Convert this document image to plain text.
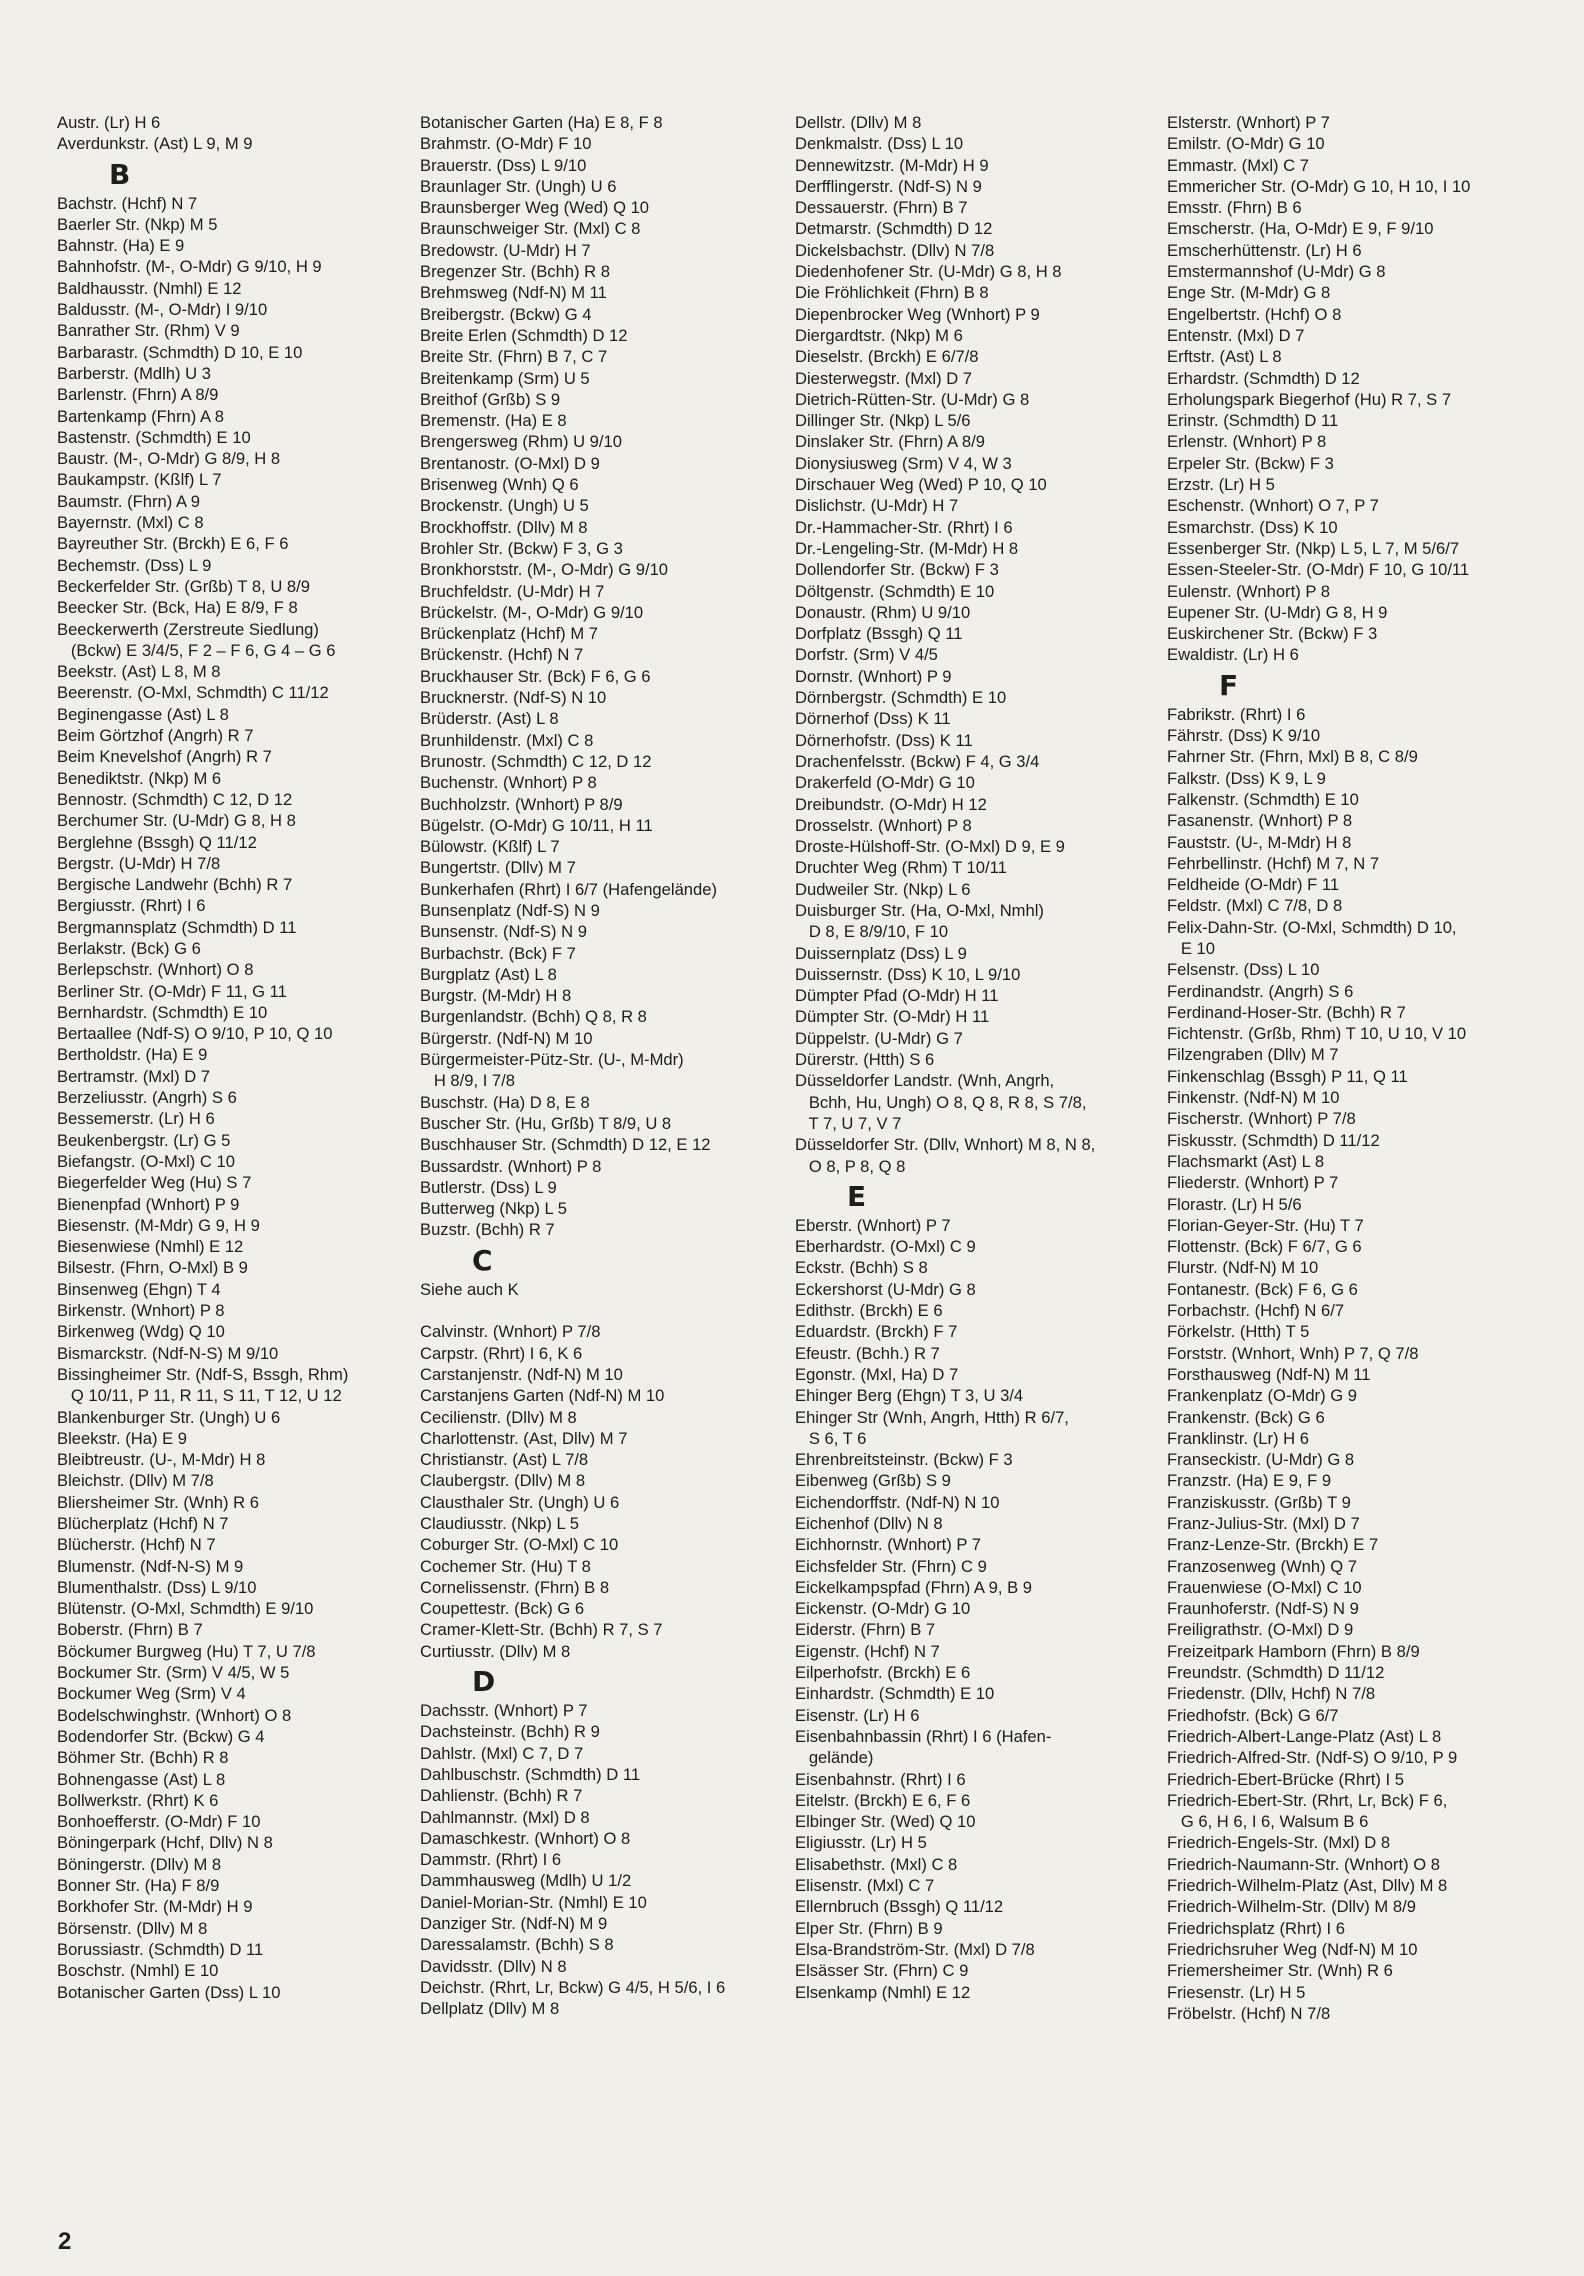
Austr. (Lr) H 6
Averdunkstr. (Ast) L 9, M 9
B
Bachstr. (Hchf) N 7
Baerler Str. (Nkp) M 5
Bahnstr. (Ha) E 9
Bahnhofstr. (M-, O-Mdr) G 9/10, H 9
Baldhausstr. (Nmhl) E 12
Baldusstr. (M-, O-Mdr) I 9/10
Banrather Str. (Rhm) V 9
Barbarastr. (Schmdth) D 10, E 10
Barberstr. (Mdlh) U 3
Barlenstr. (Fhrn) A 8/9
Bartenkamp (Fhrn) A 8
Bastenstr. (Schmdth) E 10
Baustr. (M-, O-Mdr) G 8/9, H 8
Baukampstr. (Kßlf) L 7
Baumstr. (Fhrn) A 9
Bayernstr. (Mxl) C 8
Bayreuther Str. (Brckh) E 6, F 6
Bechemstr. (Dss) L 9
Beckerfelder Str. (Grßb) T 8, U 8/9
Beecker Str. (Bck, Ha) E 8/9, F 8
Beeckerwerth (Zerstreute Siedlung)
(Bckw) E 3/4/5, F 2 – F 6, G 4 – G 6
Beekstr. (Ast) L 8, M 8
Beerenstr. (O-Mxl, Schmdth) C 11/12
Beginengasse (Ast) L 8
Beim Görtzhof (Angrh) R 7
Beim Knevelshof (Angrh) R 7
Benediktstr. (Nkp) M 6
Bennostr. (Schmdth) C 12, D 12
Berchumer Str. (U-Mdr) G 8, H 8
Berglehne (Bssgh) Q 11/12
Bergstr. (U-Mdr) H 7/8
Bergische Landwehr (Bchh) R 7
Bergiusstr. (Rhrt) I 6
Bergmannsplatz (Schmdth) D 11
Berlakstr. (Bck) G 6
Berlepschstr. (Wnhort) O 8
Berliner Str. (O-Mdr) F 11, G 11
Bernhardstr. (Schmdth) E 10
Bertaallee (Ndf-S) O 9/10, P 10, Q 10
Bertholdstr. (Ha) E 9
Bertramstr. (Mxl) D 7
Berzeliusstr. (Angrh) S 6
Bessemerstr. (Lr) H 6
Beukenbergstr. (Lr) G 5
Biefangstr. (O-Mxl) C 10
Biegerfelder Weg (Hu) S 7
Bienenpfad (Wnhort) P 9
Biesenstr. (M-Mdr) G 9, H 9
Biesenwiese (Nmhl) E 12
Bilsestr. (Fhrn, O-Mxl) B 9
Binsenweg (Ehgn) T 4
Birkenstr. (Wnhort) P 8
Birkenweg (Wdg) Q 10
Bismarckstr. (Ndf-N-S) M 9/10
Bissingheimer Str. (Ndf-S, Bssgh, Rhm)
Q 10/11, P 11, R 11, S 11, T 12, U 12
Blankenburger Str. (Ungh) U 6
Bleekstr. (Ha) E 9
Bleibtreustr. (U-, M-Mdr) H 8
Bleichstr. (Dllv) M 7/8
Bliersheimer Str. (Wnh) R 6
Blücherplatz (Hchf) N 7
Blücherstr. (Hchf) N 7
Blumenstr. (Ndf-N-S) M 9
Blumenthalstr. (Dss) L 9/10
Blütenstr. (O-Mxl, Schmdth) E 9/10
Boberstr. (Fhrn) B 7
Böckumer Burgweg (Hu) T 7, U 7/8
Bockumer Str. (Srm) V 4/5, W 5
Bockumer Weg (Srm) V 4
Bodelschwinghstr. (Wnhort) O 8
Bodendorfer Str. (Bckw) G 4
Böhmer Str. (Bchh) R 8
Bohnengasse (Ast) L 8
Bollwerkstr. (Rhrt) K 6
Bonhoefferstr. (O-Mdr) F 10
Böningerpark (Hchf, Dllv) N 8
Böningerstr. (Dllv) M 8
Bonner Str. (Ha) F 8/9
Borkhofer Str. (M-Mdr) H 9
Börsenstr. (Dllv) M 8
Borussiastr. (Schmdth) D 11
Boschstr. (Nmhl) E 10
Botanischer Garten (Dss) L 10
Botanischer Garten (Ha) E 8, F 8
Brahmstr. (O-Mdr) F 10
Brauerstr. (Dss) L 9/10
Braunlager Str. (Ungh) U 6
Braunsberger Weg (Wed) Q 10
Braunschweiger Str. (Mxl) C 8
Bredowstr. (U-Mdr) H 7
Bregenzer Str. (Bchh) R 8
Brehmsweg (Ndf-N) M 11
Breibergstr. (Bckw) G 4
Breite Erlen (Schmdth) D 12
Breite Str. (Fhrn) B 7, C 7
Breitenkamp (Srm) U 5
Breithof (Grßb) S 9
Bremenstr. (Ha) E 8
Brengersweg (Rhm) U 9/10
Brentanostr. (O-Mxl) D 9
Brisenweg (Wnh) Q 6
Brockenstr. (Ungh) U 5
Brockhoffstr. (Dllv) M 8
Brohler Str. (Bckw) F 3, G 3
Bronkhorststr. (M-, O-Mdr) G 9/10
Bruchfeldstr. (U-Mdr) H 7
Brückelstr. (M-, O-Mdr) G 9/10
Brückenplatz (Hchf) M 7
Brückenstr. (Hchf) N 7
Bruckhauser Str. (Bck) F 6, G 6
Brucknerstr. (Ndf-S) N 10
Brüderstr. (Ast) L 8
Brunhildenstr. (Mxl) C 8
Brunostr. (Schmdth) C 12, D 12
Buchenstr. (Wnhort) P 8
Buchholzstr. (Wnhort) P 8/9
Bügelstr. (O-Mdr) G 10/11, H 11
Bülowstr. (Kßlf) L 7
Bungertstr. (Dllv) M 7
Bunkerhafen (Rhrt) I 6/7 (Hafengelände)
Bunsenplatz (Ndf-S) N 9
Bunsenstr. (Ndf-S) N 9
Burbachstr. (Bck) F 7
Burgplatz (Ast) L 8
Burgstr. (M-Mdr) H 8
Burgenlandstr. (Bchh) Q 8, R 8
Bürgerstr. (Ndf-N) M 10
Bürgermeister-Pütz-Str. (U-, M-Mdr)
H 8/9, I 7/8
Buschstr. (Ha) D 8, E 8
Buscher Str. (Hu, Grßb) T 8/9, U 8
Buschhauser Str. (Schmdth) D 12, E 12
Bussardstr. (Wnhort) P 8
Butlerstr. (Dss) L 9
Butterweg (Nkp) L 5
Buzstr. (Bchh) R 7
C
Siehe auch K

Calvinstr. (Wnhort) P 7/8
Carpstr. (Rhrt) I 6, K 6
Carstanjenstr. (Ndf-N) M 10
Carstanjens Garten (Ndf-N) M 10
Cecilienstr. (Dllv) M 8
Charlottenstr. (Ast, Dllv) M 7
Christianstr. (Ast) L 7/8
Claubergstr. (Dllv) M 8
Clausthaler Str. (Ungh) U 6
Claudiusstr. (Nkp) L 5
Coburger Str. (O-Mxl) C 10
Cochemer Str. (Hu) T 8
Cornelissenstr. (Fhrn) B 8
Coupettestr. (Bck) G 6
Cramer-Klett-Str. (Bchh) R 7, S 7
Curtiusstr. (Dllv) M 8
D
Dachsstr. (Wnhort) P 7
Dachsteinstr. (Bchh) R 9
Dahlstr. (Mxl) C 7, D 7
Dahlbuschstr. (Schmdth) D 11
Dahlienstr. (Bchh) R 7
Dahlmannstr. (Mxl) D 8
Damaschkestr. (Wnhort) O 8
Dammstr. (Rhrt) I 6
Dammhausweg (Mdlh) U 1/2
Daniel-Morian-Str. (Nmhl) E 10
Danziger Str. (Ndf-N) M 9
Daressalamstr. (Bchh) S 8
Davidsstr. (Dllv) N 8
Deichstr. (Rhrt, Lr, Bckw) G 4/5, H 5/6, I 6
Dellplatz (Dllv) M 8
Dellstr. (Dllv) M 8
Denkmalstr. (Dss) L 10
Dennewitzstr. (M-Mdr) H 9
Derfflingerstr. (Ndf-S) N 9
Dessauerstr. (Fhrn) B 7
Detmarstr. (Schmdth) D 12
Dickelsbachstr. (Dllv) N 7/8
Diedenhofener Str. (U-Mdr) G 8, H 8
Die Fröhlichkeit (Fhrn) B 8
Diepenbrocker Weg (Wnhort) P 9
Diergardtstr. (Nkp) M 6
Dieselstr. (Brckh) E 6/7/8
Diesterwegstr. (Mxl) D 7
Dietrich-Rütten-Str. (U-Mdr) G 8
Dillinger Str. (Nkp) L 5/6
Dinslaker Str. (Fhrn) A 8/9
Dionysiusweg (Srm) V 4, W 3
Dirschauer Weg (Wed) P 10, Q 10
Dislichstr. (U-Mdr) H 7
Dr.-Hammacher-Str. (Rhrt) I 6
Dr.-Lengeling-Str. (M-Mdr) H 8
Dollendorfer Str. (Bckw) F 3
Döltgenstr. (Schmdth) E 10
Donaustr. (Rhm) U 9/10
Dorfplatz (Bssgh) Q 11
Dorfstr. (Srm) V 4/5
Dornstr. (Wnhort) P 9
Dörnbergstr. (Schmdth) E 10
Dörnerhof (Dss) K 11
Dörnerhofstr. (Dss) K 11
Drachenfelsstr. (Bckw) F 4, G 3/4
Drakerfeld (O-Mdr) G 10
Dreibundstr. (O-Mdr) H 12
Drosselstr. (Wnhort) P 8
Droste-Hülshoff-Str. (O-Mxl) D 9, E 9
Druchter Weg (Rhm) T 10/11
Dudweiler Str. (Nkp) L 6
Duisburger Str. (Ha, O-Mxl, Nmhl)
D 8, E 8/9/10, F 10
Duissernplatz (Dss) L 9
Duissernstr. (Dss) K 10, L 9/10
Dümpter Pfad (O-Mdr) H 11
Dümpter Str. (O-Mdr) H 11
Düppelstr. (U-Mdr) G 7
Dürerstr. (Htth) S 6
Düsseldorfer Landstr. (Wnh, Angrh,
Bchh, Hu, Ungh) O 8, Q 8, R 8, S 7/8,
T 7, U 7, V 7
Düsseldorfer Str. (Dllv, Wnhort) M 8, N 8,
O 8, P 8, Q 8
E
Eberstr. (Wnhort) P 7
Eberhardstr. (O-Mxl) C 9
Eckstr. (Bchh) S 8
Eckershorst (U-Mdr) G 8
Edithstr. (Brckh) E 6
Eduardstr. (Brckh) F 7
Efeustr. (Bchh.) R 7
Egonstr. (Mxl, Ha) D 7
Ehinger Berg (Ehgn) T 3, U 3/4
Ehinger Str (Wnh, Angrh, Htth) R 6/7,
S 6, T 6
Ehrenbreitsteinstr. (Bckw) F 3
Eibenweg (Grßb) S 9
Eichendorffstr. (Ndf-N) N 10
Eichenhof (Dllv) N 8
Eichhornstr. (Wnhort) P 7
Eichsfelder Str. (Fhrn) C 9
Eickelkampspfad (Fhrn) A 9, B 9
Eickenstr. (O-Mdr) G 10
Eiderstr. (Fhrn) B 7
Eigenstr. (Hchf) N 7
Eilperhofstr. (Brckh) E 6
Einhardstr. (Schmdth) E 10
Eisenstr. (Lr) H 6
Eisenbahnbassin (Rhrt) I 6 (Hafen-
gelände)
Eisenbahnstr. (Rhrt) I 6
Eitelstr. (Brckh) E 6, F 6
Elbinger Str. (Wed) Q 10
Eligiusstr. (Lr) H 5
Elisabethstr. (Mxl) C 8
Elisenstr. (Mxl) C 7
Ellernbruch (Bssgh) Q 11/12
Elper Str. (Fhrn) B 9
Elsa-Brandström-Str. (Mxl) D 7/8
Elsässer Str. (Fhrn) C 9
Elsenkamp (Nmhl) E 12
Elsterstr. (Wnhort) P 7
Emilstr. (O-Mdr) G 10
Emmastr. (Mxl) C 7
Emmericher Str. (O-Mdr) G 10, H 10, I 10
Emsstr. (Fhrn) B 6
Emscherstr. (Ha, O-Mdr) E 9, F 9/10
Emscherhüttenstr. (Lr) H 6
Emstermannshof (U-Mdr) G 8
Enge Str. (M-Mdr) G 8
Engelbertstr. (Hchf) O 8
Entenstr. (Mxl) D 7
Erftstr. (Ast) L 8
Erhardstr. (Schmdth) D 12
Erholungspark Biegerhof (Hu) R 7, S 7
Erinstr. (Schmdth) D 11
Erlenstr. (Wnhort) P 8
Erpeler Str. (Bckw) F 3
Erzstr. (Lr) H 5
Eschenstr. (Wnhort) O 7, P 7
Esmarchstr. (Dss) K 10
Essenberger Str. (Nkp) L 5, L 7, M 5/6/7
Essen-Steeler-Str. (O-Mdr) F 10, G 10/11
Eulenstr. (Wnhort) P 8
Eupener Str. (U-Mdr) G 8, H 9
Euskirchener Str. (Bckw) F 3
Ewaldistr. (Lr) H 6
F
Fabrikstr. (Rhrt) I 6
Fährstr. (Dss) K 9/10
Fahrner Str. (Fhrn, Mxl) B 8, C 8/9
Falkstr. (Dss) K 9, L 9
Falkenstr. (Schmdth) E 10
Fasanenstr. (Wnhort) P 8
Fauststr. (U-, M-Mdr) H 8
Fehrbellinstr. (Hchf) M 7, N 7
Feldheide (O-Mdr) F 11
Feldstr. (Mxl) C 7/8, D 8
Felix-Dahn-Str. (O-Mxl, Schmdth) D 10,
E 10
Felsenstr. (Dss) L 10
Ferdinandstr. (Angrh) S 6
Ferdinand-Hoser-Str. (Bchh) R 7
Fichtenstr. (Grßb, Rhm) T 10, U 10, V 10
Filzengraben (Dllv) M 7
Finkenschlag (Bssgh) P 11, Q 11
Finkenstr. (Ndf-N) M 10
Fischerstr. (Wnhort) P 7/8
Fiskusstr. (Schmdth) D 11/12
Flachsmarkt (Ast) L 8
Fliederstr. (Wnhort) P 7
Florastr. (Lr) H 5/6
Florian-Geyer-Str. (Hu) T 7
Flottenstr. (Bck) F 6/7, G 6
Flurstr. (Ndf-N) M 10
Fontanestr. (Bck) F 6, G 6
Forbachstr. (Hchf) N 6/7
Förkelstr. (Htth) T 5
Forststr. (Wnhort, Wnh) P 7, Q 7/8
Forsthausweg (Ndf-N) M 11
Frankenplatz (O-Mdr) G 9
Frankenstr. (Bck) G 6
Franklinstr. (Lr) H 6
Franseckistr. (U-Mdr) G 8
Franzstr. (Ha) E 9, F 9
Franziskusstr. (Grßb) T 9
Franz-Julius-Str. (Mxl) D 7
Franz-Lenze-Str. (Brckh) E 7
Franzosenweg (Wnh) Q 7
Frauenwiese (O-Mxl) C 10
Fraunhoferstr. (Ndf-S) N 9
Freiligrathstr. (O-Mxl) D 9
Freizeitpark Hamborn (Fhrn) B 8/9
Freundstr. (Schmdth) D 11/12
Friedenstr. (Dllv, Hchf) N 7/8
Friedhofstr. (Bck) G 6/7
Friedrich-Albert-Lange-Platz (Ast) L 8
Friedrich-Alfred-Str. (Ndf-S) O 9/10, P 9
Friedrich-Ebert-Brücke (Rhrt) I 5
Friedrich-Ebert-Str. (Rhrt, Lr, Bck) F 6,
G 6, H 6, I 6, Walsum B 6
Friedrich-Engels-Str. (Mxl) D 8
Friedrich-Naumann-Str. (Wnhort) O 8
Friedrich-Wilhelm-Platz (Ast, Dllv) M 8
Friedrich-Wilhelm-Str. (Dllv) M 8/9
Friedrichsplatz (Rhrt) I 6
Friedrichsruher Weg (Ndf-N) M 10
Friemersheimer Str. (Wnh) R 6
Friesenstr. (Lr) H 5
Fröbelstr. (Hchf) N 7/8
2
